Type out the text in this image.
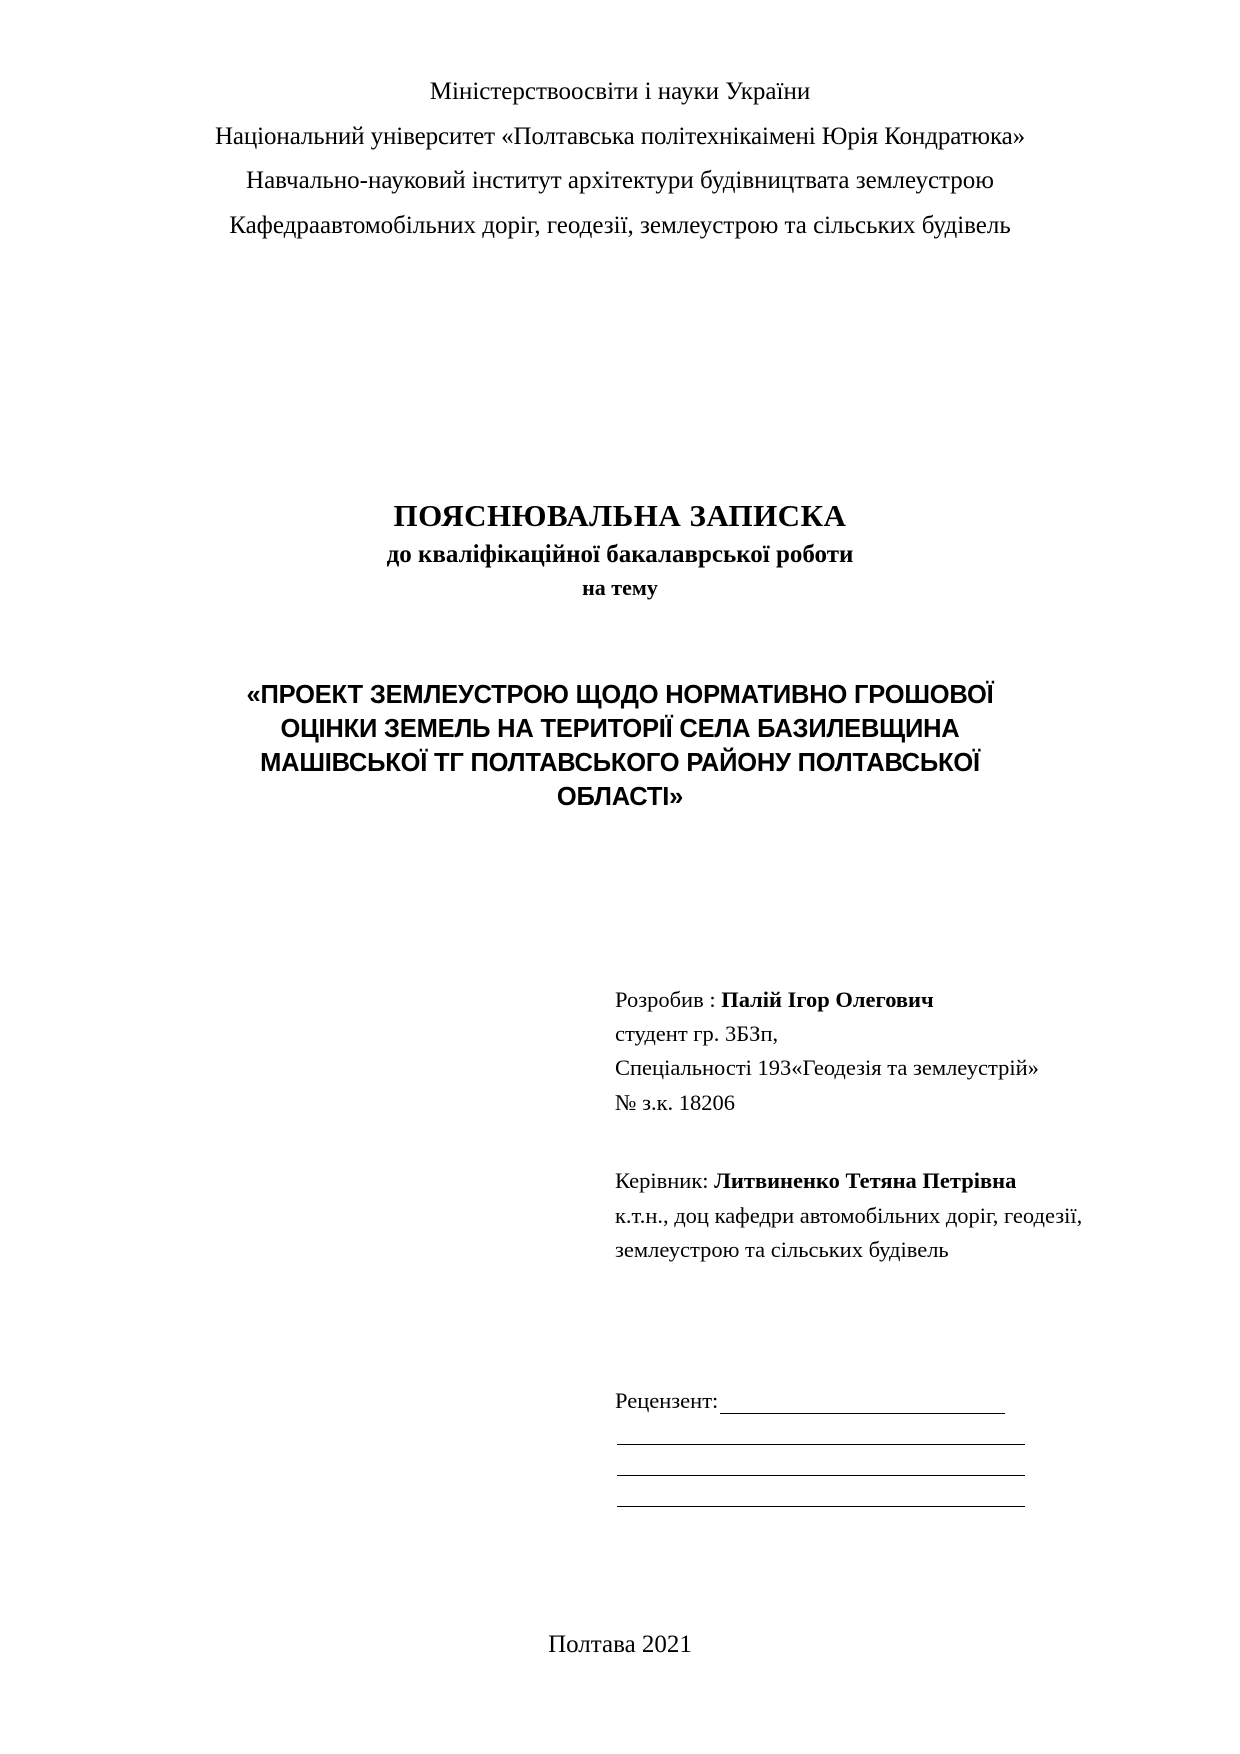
Міністерствоосвіти і науки України
Національний університет «Полтавська політехнікаімені Юрія Кондратюка»
Навчально-науковий інститут архітектури будівництвата землеустрою
Кафедраавтомобільних доріг, геодезії, землеустрою та сільських будівель
ПОЯСНЮВАЛЬНА ЗАПИСКА
до кваліфікаційної бакалаврської роботи
на тему
«ПРОЕКТ ЗЕМЛЕУСТРОЮ ЩОДО НОРМАТИВНО ГРОШОВОЇ
ОЦІНКИ ЗЕМЕЛЬ НА ТЕРИТОРІЇ СЕЛА БАЗИЛЕВЩИНА
МАШІВСЬКОЇ ТГ ПОЛТАВСЬКОГО РАЙОНУ ПОЛТАВСЬКОЇ
ОБЛАСТІ»
Розробив : Палій Ігор Олегович
студент гр. 3БЗп,
Спеціальності 193«Геодезія та землеустрій»
№ з.к. 18206
Керівник: Литвиненко Тетяна Петрівна
к.т.н., доц кафедри автомобільних доріг, геодезії,
землеустрою та сільських будівель
Рецензент:
Полтава 2021
